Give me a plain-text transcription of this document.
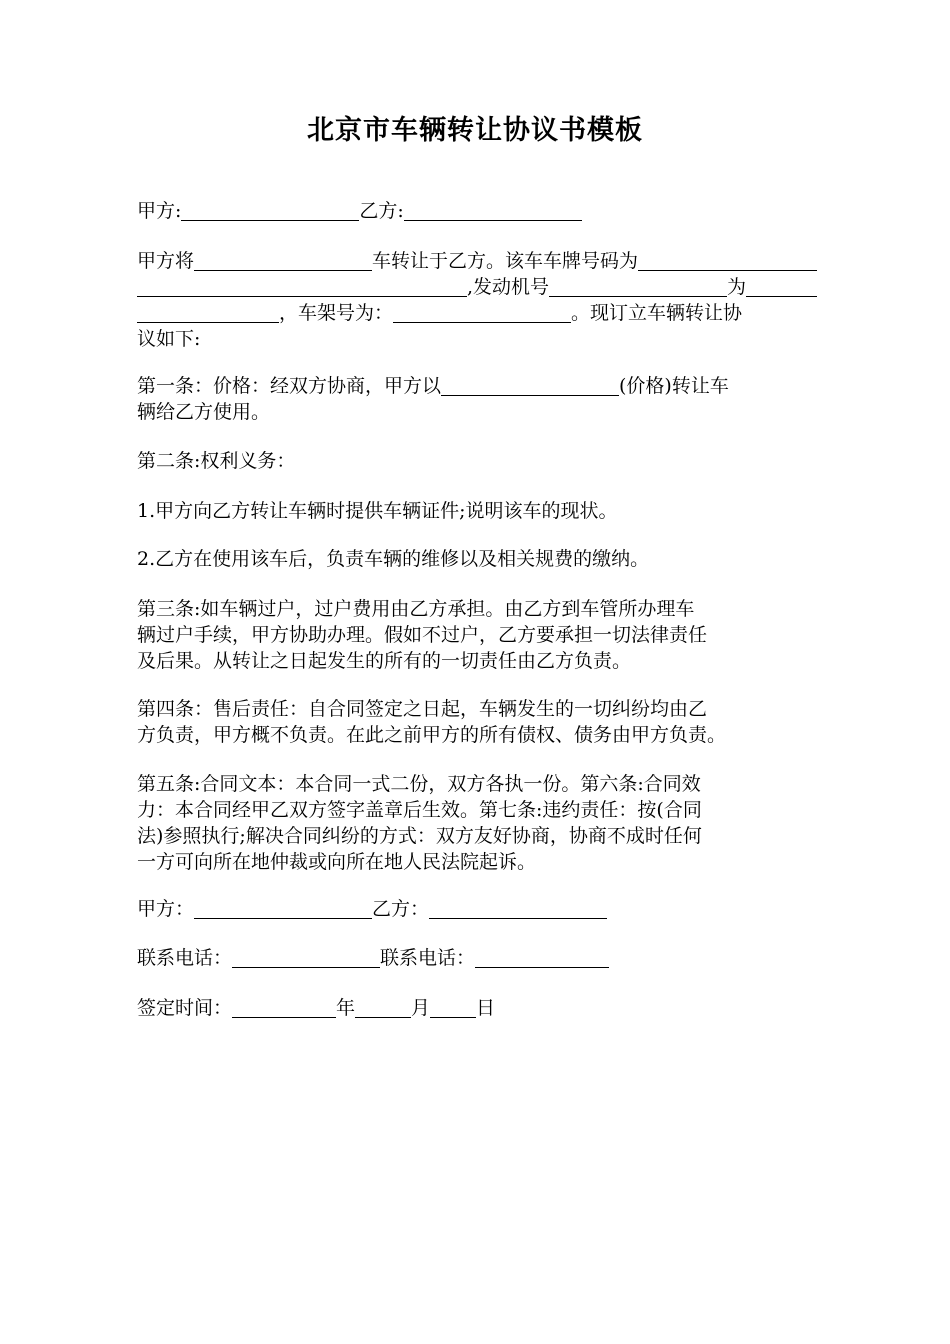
北京市车辆转让协议书模板
甲方:	乙方:
甲方将	车转让于乙方。该车车牌号码为
,发动机号	为
，车架号为：	。现订立车辆转让协
议如下:
第一条：价格：经双方协商，甲方以	(价格)转让车
辆给乙方使用。
第二条:权利义务：
1.甲方向乙方转让车辆时提供车辆证件;说明该车的现状。
2.乙方在使用该车后，负责车辆的维修以及相关规费的缴纳。
第三条:如车辆过户，过户费用由乙方承担。由乙方到车管所办理车
辆过户手续，甲方协助办理。假如不过户，乙方要承担一切法律责任
及后果。从转让之日起发生的所有的一切责任由乙方负责。
第四条：售后责任：自合同签定之日起，车辆发生的一切纠纷均由乙
方负责，甲方概不负责。在此之前甲方的所有债权、债务由甲方负责。
第五条:合同文本：本合同一式二份，双方各执一份。第六条:合同效
力：本合同经甲乙双方签字盖章后生效。第七条:违约责任：按(合同
法)参照执行;解决合同纠纷的方式：双方友好协商，协商不成时任何
一方可向所在地仲裁或向所在地人民法院起诉。
甲方：	乙方：
联系电话：	联系电话：
签定时间：	年	月 日
